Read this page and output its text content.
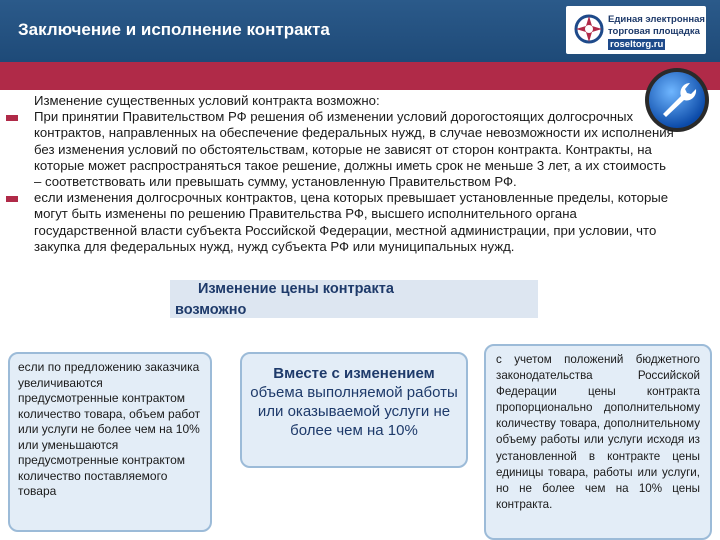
Заключение и исполнение контракта
Единая электронная
торговая площадка
roseltorg.ru
Изменение существенных условий контракта возможно:
При принятии Правительством РФ решения об изменении условий дорогостоящих долгосрочных контрактов, направленных на обеспечение федеральных нужд, в случае невозможности их исполнения без изменения условий по обстоятельствам, которые не зависят от сторон контракта. Контракты, на которые может распространяться такое решение, должны иметь срок не меньше 3 лет, а их стоимость – соответствовать или превышать сумму, установленную Правительством РФ.
если изменения долгосрочных контрактов, цена которых превышает установленные пределы, которые могут быть изменены по решению Правительства РФ, высшего исполнительного органа государственной власти субъекта Российской Федерации, местной администрации, при условии, что закупка для федеральных нужд, нужд субъекта РФ или муниципальных нужд.
Изменение цены контракта
возможно
если по предложению заказчика увеличиваются предусмотренные контрактом количество товара, объем работ или услуги не более чем на 10% или уменьшаются предусмотренные контрактом количество поставляемого товара
Вместе с изменением
объема выполняемой работы или оказываемой услуги не более чем на 10%
с учетом положений бюджетного законодательства Российской Федерации цены контракта пропорционально дополнительному количеству товара, дополнительному объему работы или услуги исходя из установленной в контракте цены единицы товара, работы или услуги, но не более чем на 10% цены контракта.
